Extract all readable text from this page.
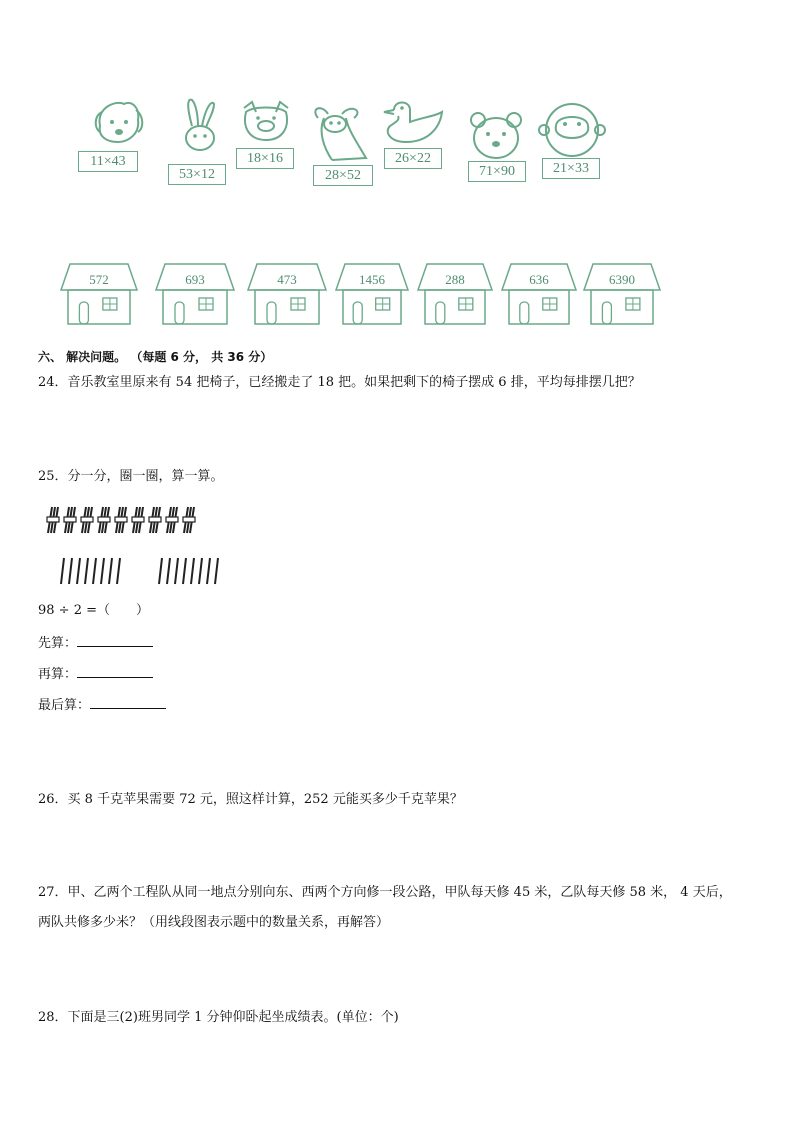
11×43
53×12
18×16
28×52
26×22
71×90	21×33
572	693	473	1456	288	636	6390
六、 解决问题。 （每题 6 分， 共 36 分）
24．音乐教室里原来有 54 把椅子，已经搬走了 18 把。如果把剩下的椅子摆成 6 排，平均每排摆几把？
25．分一分，圈一圈，算一算。
98 ÷ 2 =（　　）
先算：
再算：
最后算：
26．买 8 千克苹果需要 72 元，照这样计算，252 元能买多少千克苹果？
27．甲、乙两个工程队从同一地点分别向东、西两个方向修一段公路，甲队每天修 45 米，乙队每天修 58 米， 4 天后，
两队共修多少米？（用线段图表示题中的数量关系，再解答）
28．下面是三(2)班男同学 1 分钟仰卧起坐成绩表。(单位：个)
